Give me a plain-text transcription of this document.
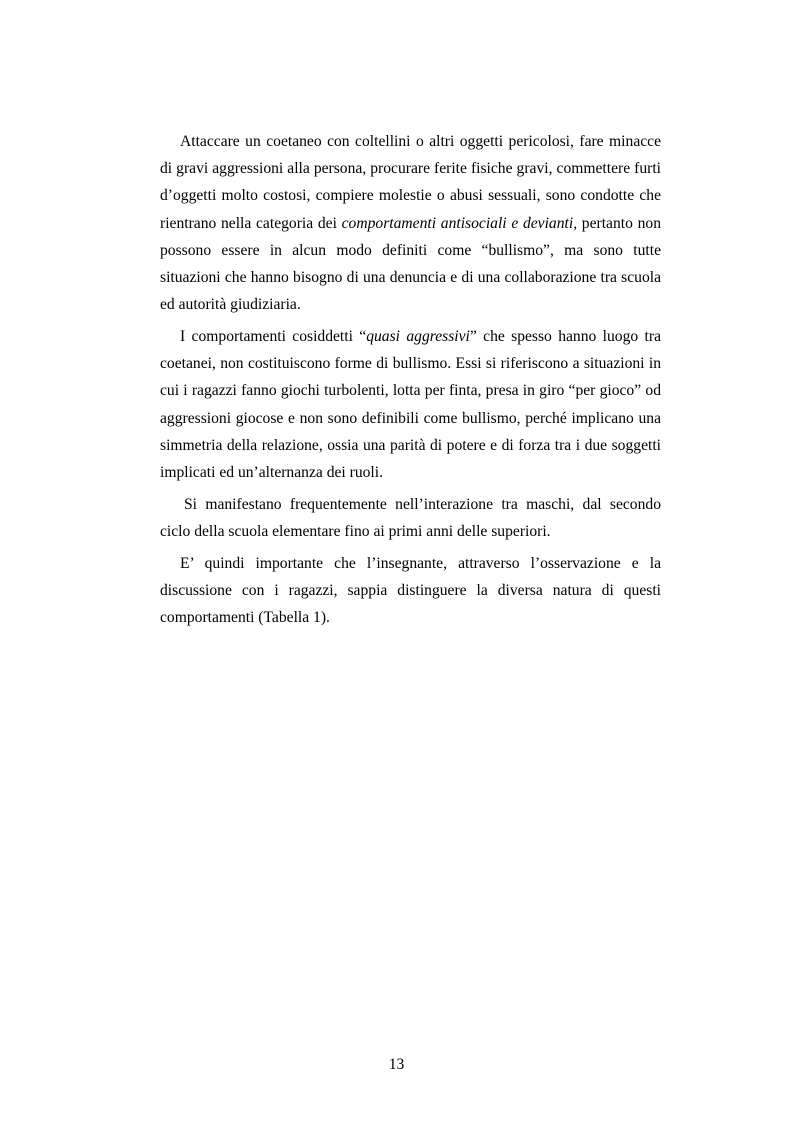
Attaccare un coetaneo con coltellini o altri oggetti pericolosi, fare minacce di gravi aggressioni alla persona, procurare ferite fisiche gravi, commettere furti d’oggetti molto costosi, compiere molestie o abusi sessuali, sono condotte che rientrano nella categoria dei comportamenti antisociali e devianti, pertanto non possono essere in alcun modo definiti come “bullismo”, ma sono tutte situazioni che hanno bisogno di una denuncia e di una collaborazione tra scuola ed autorità giudiziaria.

I comportamenti cosiddetti “quasi aggressivi” che spesso hanno luogo tra coetanei, non costituiscono forme di bullismo. Essi si riferiscono a situazioni in cui i ragazzi fanno giochi turbolenti, lotta per finta, presa in giro “per gioco” od aggressioni giocose e non sono definibili come bullismo, perché implicano una simmetria della relazione, ossia una parità di potere e di forza tra i due soggetti implicati ed un’alternanza dei ruoli.

Si manifestano frequentemente nell’interazione tra maschi, dal secondo ciclo della scuola elementare fino ai primi anni delle superiori.

E’ quindi importante che l’insegnante, attraverso l’osservazione e la discussione con i ragazzi, sappia distinguere la diversa natura di questi comportamenti (Tabella 1).

13
